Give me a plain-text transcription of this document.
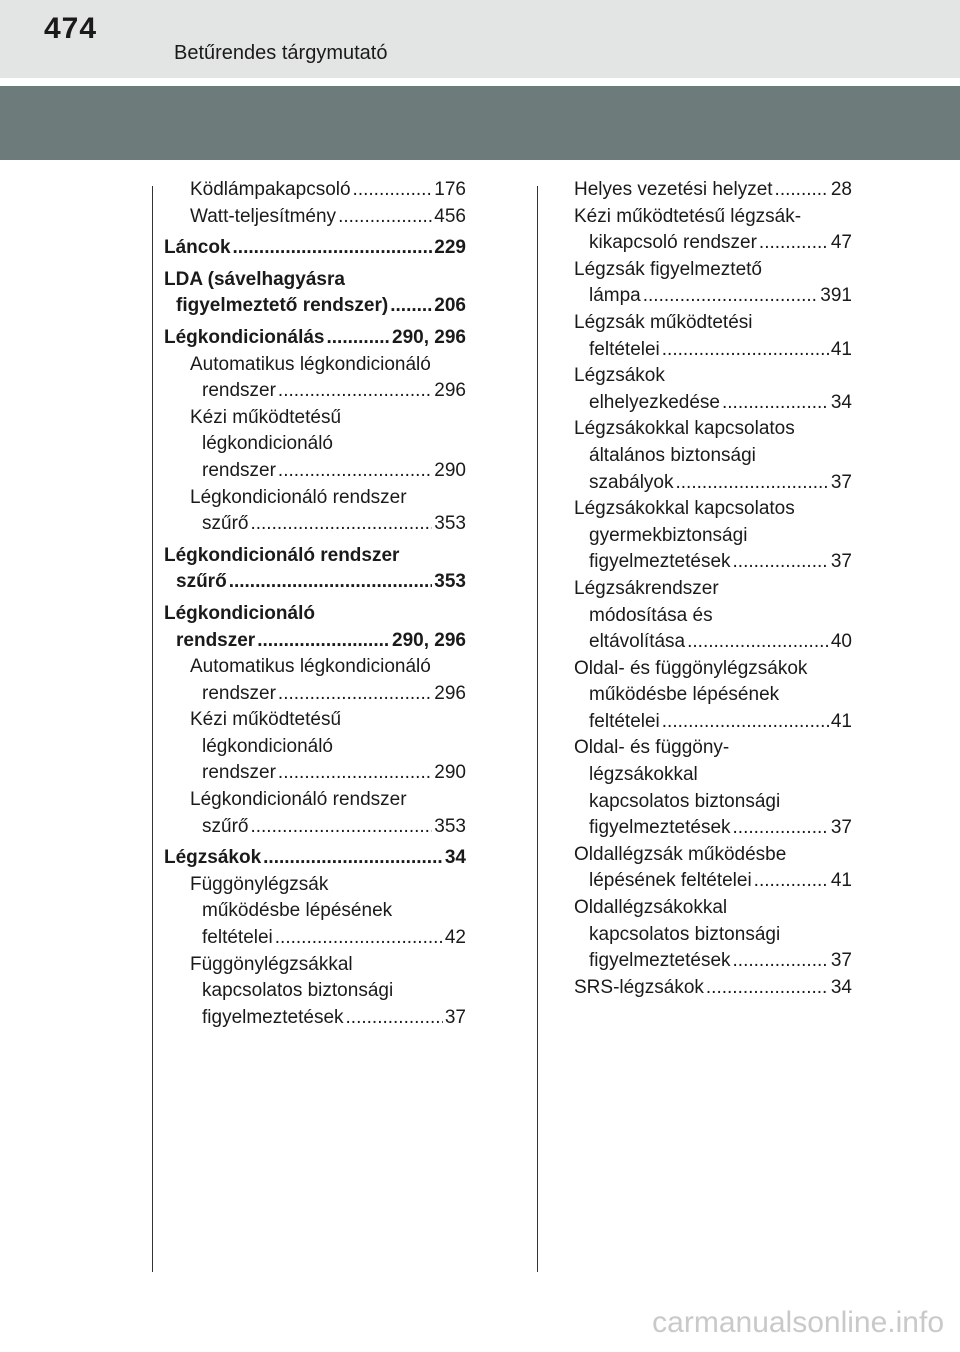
474
Betűrendes tárgymutató
Ködlámpakapcsoló .....	176
Watt-teljesítmény .....	456
Láncok .....	229
LDA (sávelhagyásra
figyelmeztető rendszer) ..... 206
Légkondicionálás .....	290, 296
Automatikus légkondicionáló
rendszer .....	296
Kézi működtetésű
légkondicionáló
rendszer .....	290
Légkondicionáló rendszer
szűrő .....	353
Légkondicionáló rendszer
szűrő .....	353
Légkondicionáló
rendszer .....	290, 296
Automatikus légkondicionáló
rendszer .....	296
Kézi működtetésű
légkondicionáló
rendszer .....	290
Légkondicionáló rendszer
szűrő .....	353
Légzsákok .....	34
Függönylégzsák
működésbe lépésének
feltételei .....	42
Függönylégzsákkal
kapcsolatos biztonsági
figyelmeztetések .....	37
Helyes vezetési helyzet .....	28
Kézi működtetésű légzsák-
kikapcsoló rendszer .....	47
Légzsák figyelmeztető
lámpa .....	391
Légzsák működtetési
feltételei .....	41
Légzsákok
elhelyezkedése .....	34
Légzsákokkal kapcsolatos
általános biztonsági
szabályok .....	37
Légzsákokkal kapcsolatos
gyermekbiztonsági
figyelmeztetések .....	37
Légzsákrendszer
módosítása és
eltávolítása .....	40
Oldal- és függönylégzsákok
működésbe lépésének
feltételei .....	41
Oldal- és függöny-
légzsákokkal
kapcsolatos biztonsági
figyelmeztetések .....	37
Oldallégzsák működésbe
lépésének feltételei .....	41
Oldallégzsákokkal
kapcsolatos biztonsági
figyelmeztetések .....	37
SRS-légzsákok .....	34
carmanualsonline.info
